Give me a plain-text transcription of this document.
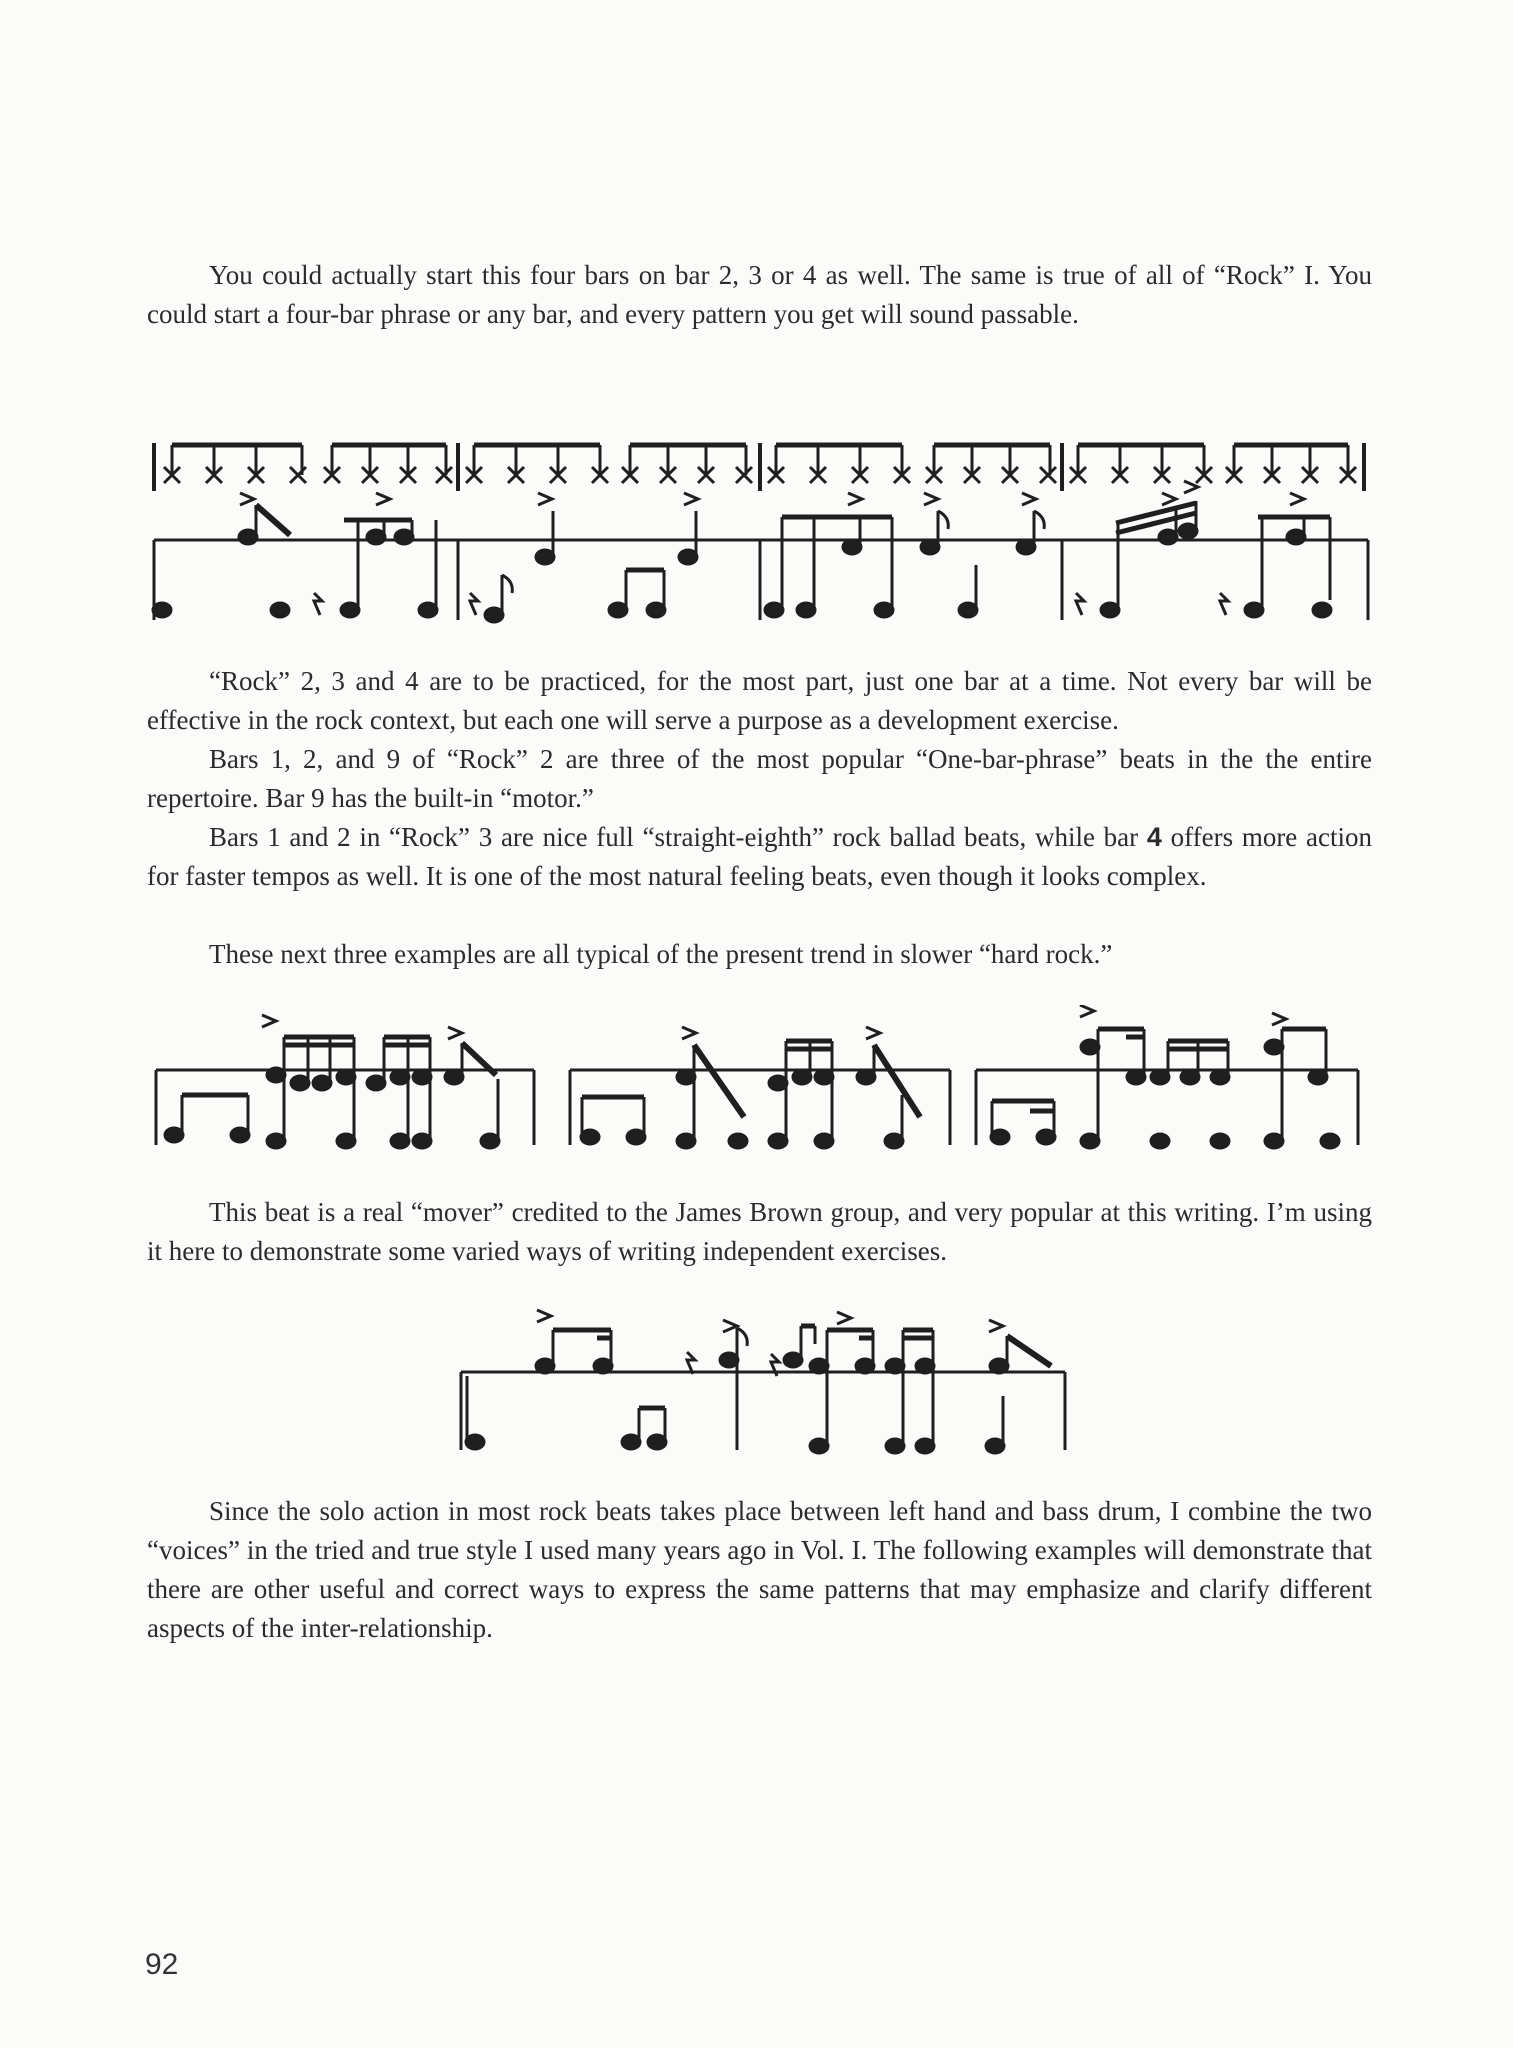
You could actually start this four bars on bar 2, 3 or 4 as well. The same is true of all of “Rock” I. You could start a four-bar phrase or any bar, and every pattern you get will sound passable.

“Rock” 2, 3 and 4 are to be practiced, for the most part, just one bar at a time. Not every bar will be effective in the rock context, but each one will serve a purpose as a development exercise.

Bars 1, 2, and 9 of “Rock” 2 are three of the most popular “One-bar-phrase” beats in the the entire repertoire. Bar 9 has the built-in “motor.”

Bars 1 and 2 in “Rock” 3 are nice full “straight-eighth” rock ballad beats, while bar 4 offers more action for faster tempos as well. It is one of the most natural feeling beats, even though it looks complex.

These next three examples are all typical of the present trend in slower “hard rock.”

This beat is a real “mover” credited to the James Brown group, and very popular at this writing. I’m using it here to demonstrate some varied ways of writing independent exercises.

Since the solo action in most rock beats takes place between left hand and bass drum, I combine the two “voices” in the tried and true style I used many years ago in Vol. I. The following examples will demonstrate that there are other useful and correct ways to express the same patterns that may emphasize and clarify different aspects of the inter-relationship.

92
